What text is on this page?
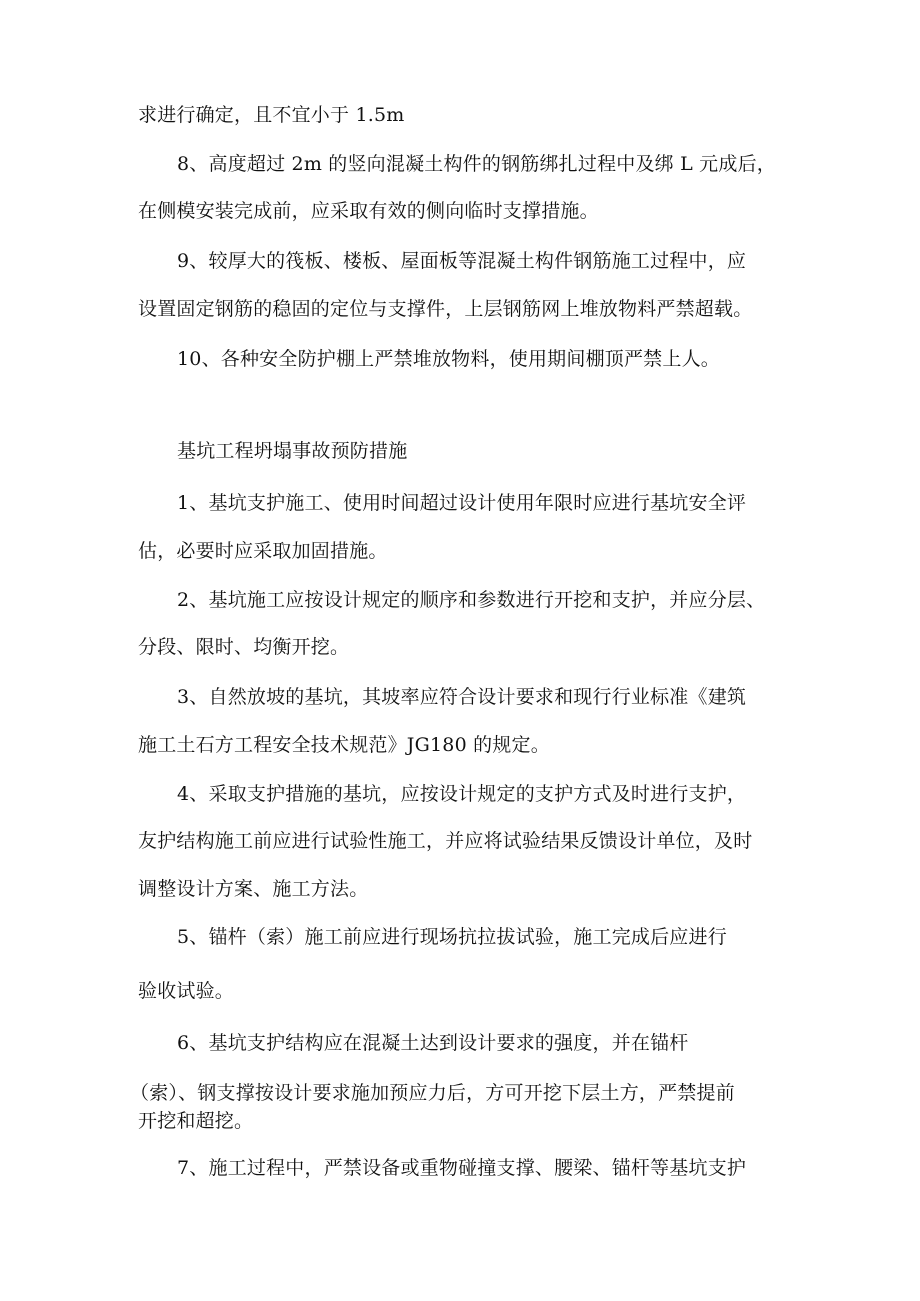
求进行确定，且不宜小于 1.5m
8、高度超过 2m 的竖向混凝土构件的钢筋绑扎过程中及绑 L 元成后，
在侧模安装完成前，应采取有效的侧向临时支撑措施。
9、较厚大的筏板、楼板、屋面板等混凝土构件钢筋施工过程中，应
设置固定钢筋的稳固的定位与支撑件，上层钢筋网上堆放物料严禁超载。
10、各种安全防护棚上严禁堆放物料，使用期间棚顶严禁上人。
基坑工程坍塌事故预防措施
1、基坑支护施工、使用时间超过设计使用年限时应进行基坑安全评
估，必要时应采取加固措施。
2、基坑施工应按设计规定的顺序和参数进行开挖和支护，并应分层、
分段、限时、均衡开挖。
3、自然放坡的基坑，其坡率应符合设计要求和现行行业标准《建筑
施工土石方工程安全技术规范》JG180 的规定。
4、采取支护措施的基坑，应按设计规定的支护方式及时进行支护，
友护结构施工前应进行试验性施工，并应将试验结果反馈设计单位，及时
调整设计方案、施工方法。
5、锚杵（索）施工前应进行现场抗拉拔试验，施工完成后应进行
验收试验。
6、基坑支护结构应在混凝土达到设计要求的强度，并在锚杆
（索）、钢支撑按设计要求施加预应力后，方可开挖下层土方，严禁提前
开挖和超挖。
7、施工过程中，严禁设备或重物碰撞支撑、腰梁、锚杆等基坑支护
